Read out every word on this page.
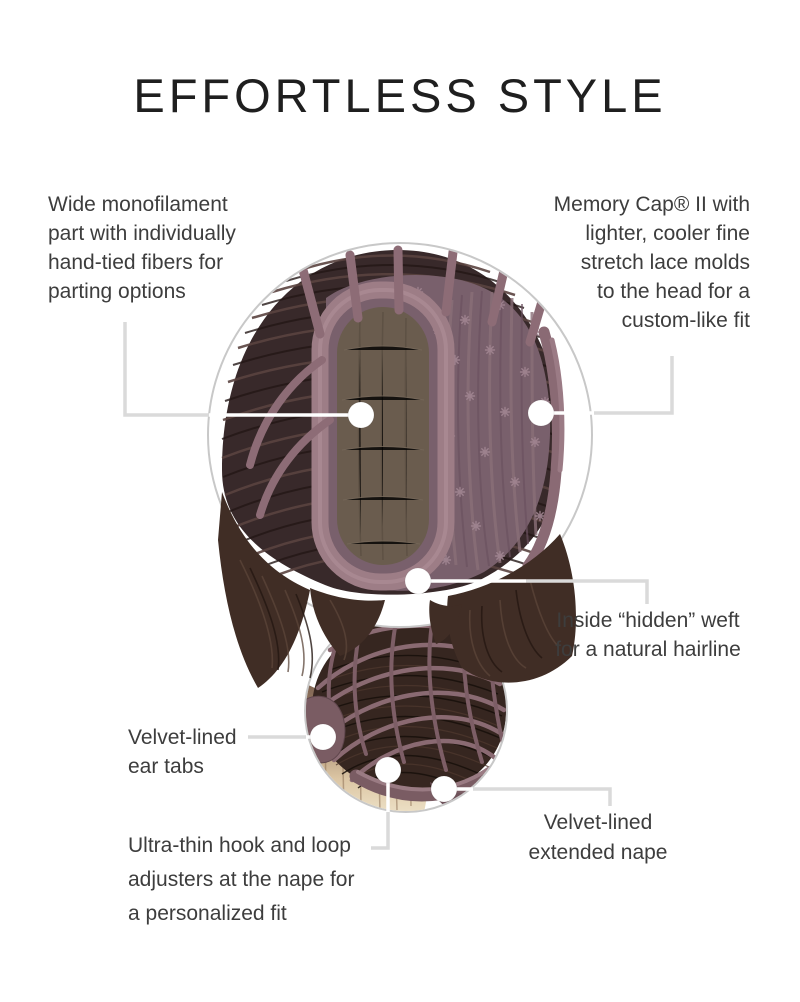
EFFORTLESS STYLE
Wide monofilament
part with individually
hand-tied fibers for
parting options
Memory Cap® II with
lighter, cooler fine
stretch lace molds
to the head for a
custom-like fit
Inside “hidden” weft
for a natural hairline
Velvet-lined
ear tabs
Ultra-thin hook and loop
adjusters at the nape for
a personalized fit
Velvet-lined
extended nape
